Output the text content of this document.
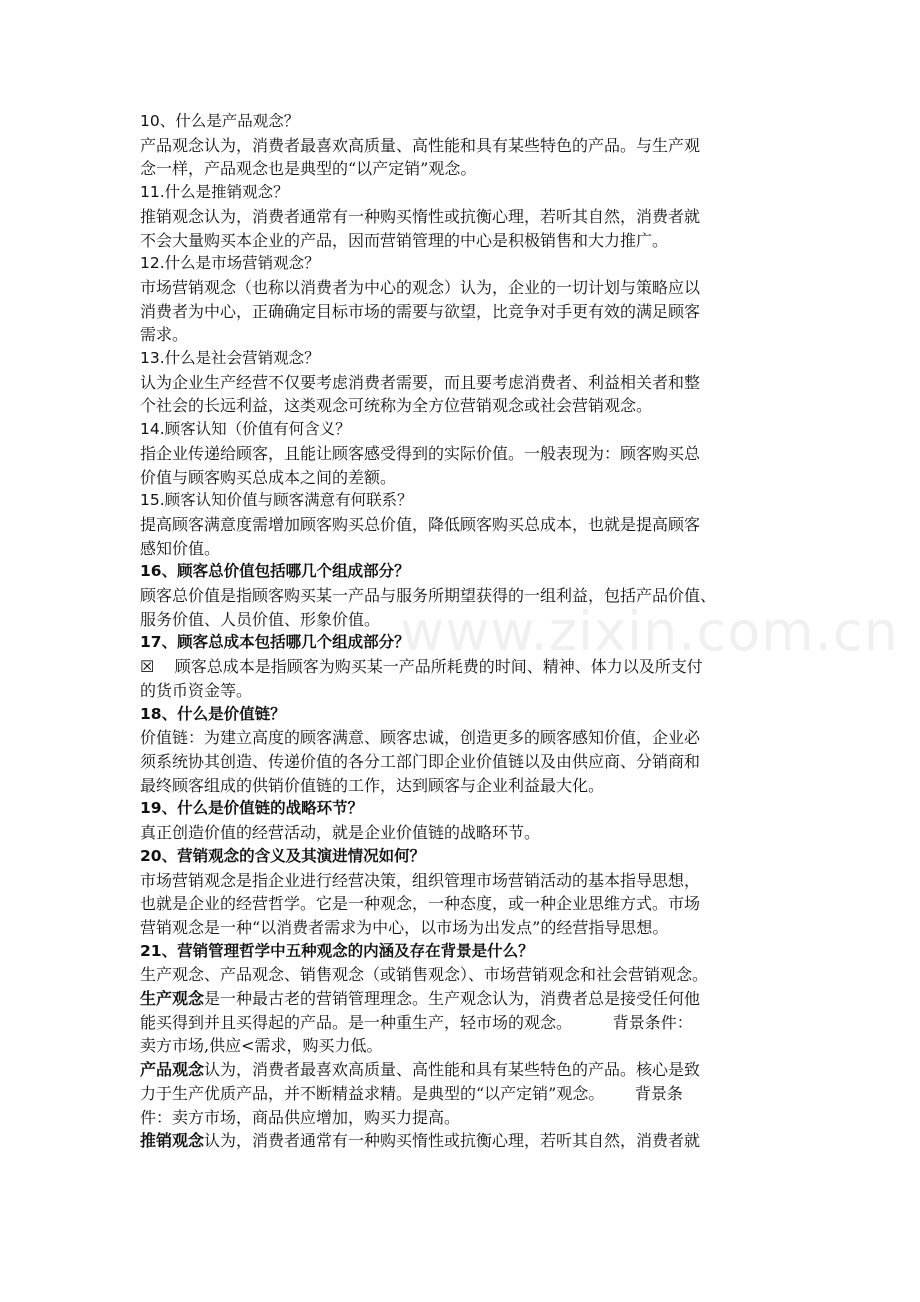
www.zixin.com.cn
10、什么是产品观念？
产品观念认为，消费者最喜欢高质量、高性能和具有某些特色的产品。与生产观
念一样，产品观念也是典型的“以产定销”观念。
11.什么是推销观念？
推销观念认为，消费者通常有一种购买惰性或抗衡心理，若听其自然，消费者就
不会大量购买本企业的产品，因而营销管理的中心是积极销售和大力推广。
12.什么是市场营销观念？
市场营销观念（也称以消费者为中心的观念）认为，企业的一切计划与策略应以
消费者为中心，正确确定目标市场的需要与欲望，比竞争对手更有效的满足顾客
需求。
13.什么是社会营销观念？
认为企业生产经营不仅要考虑消费者需要，而且要考虑消费者、利益相关者和整
个社会的长远利益，这类观念可统称为全方位营销观念或社会营销观念。
14.顾客认知（价值有何含义？
指企业传递给顾客，且能让顾客感受得到的实际价值。一般表现为：顾客购买总
价值与顾客购买总成本之间的差额。
15.顾客认知价值与顾客满意有何联系？
提高顾客满意度需增加顾客购买总价值，降低顾客购买总成本，也就是提高顾客
感知价值。
16、顾客总价值包括哪几个组成部分？
顾客总价值是指顾客购买某一产品与服务所期望获得的一组利益，包括产品价值、
服务价值、人员价值、形象价值。
17、顾客总成本包括哪几个组成部分？
☒    顾客总成本是指顾客为购买某一产品所耗费的时间、精神、体力以及所支付
的货币资金等。
18、什么是价值链？
价值链：为建立高度的顾客满意、顾客忠诚，创造更多的顾客感知价值，企业必
须系统协其创造、传递价值的各分工部门即企业价值链以及由供应商、分销商和
最终顾客组成的供销价值链的工作，达到顾客与企业利益最大化。
19、什么是价值链的战略环节？
真正创造价值的经营活动，就是企业价值链的战略环节。
20、营销观念的含义及其演进情况如何？
市场营销观念是指企业进行经营决策，组织管理市场营销活动的基本指导思想，
也就是企业的经营哲学。它是一种观念，一种态度，或一种企业思维方式。市场
营销观念是一种“以消费者需求为中心，以市场为出发点”的经营指导思想。
21、营销管理哲学中五种观念的内涵及存在背景是什么？
生产观念、产品观念、销售观念（或销售观念）、市场营销观念和社会营销观念。
生产观念是一种最古老的营销管理理念。生产观念认为，消费者总是接受任何他
能买得到并且买得起的产品。是一种重生产，轻市场的观念。        背景条件：
卖方市场,供应<需求，购买力低。
产品观念认为，消费者最喜欢高质量、高性能和具有某些特色的产品。核心是致
力于生产优质产品，并不断精益求精。是典型的“以产定销”观念。      背景条
件：卖方市场，商品供应增加，购买力提高。
推销观念认为，消费者通常有一种购买惰性或抗衡心理，若听其自然，消费者就
